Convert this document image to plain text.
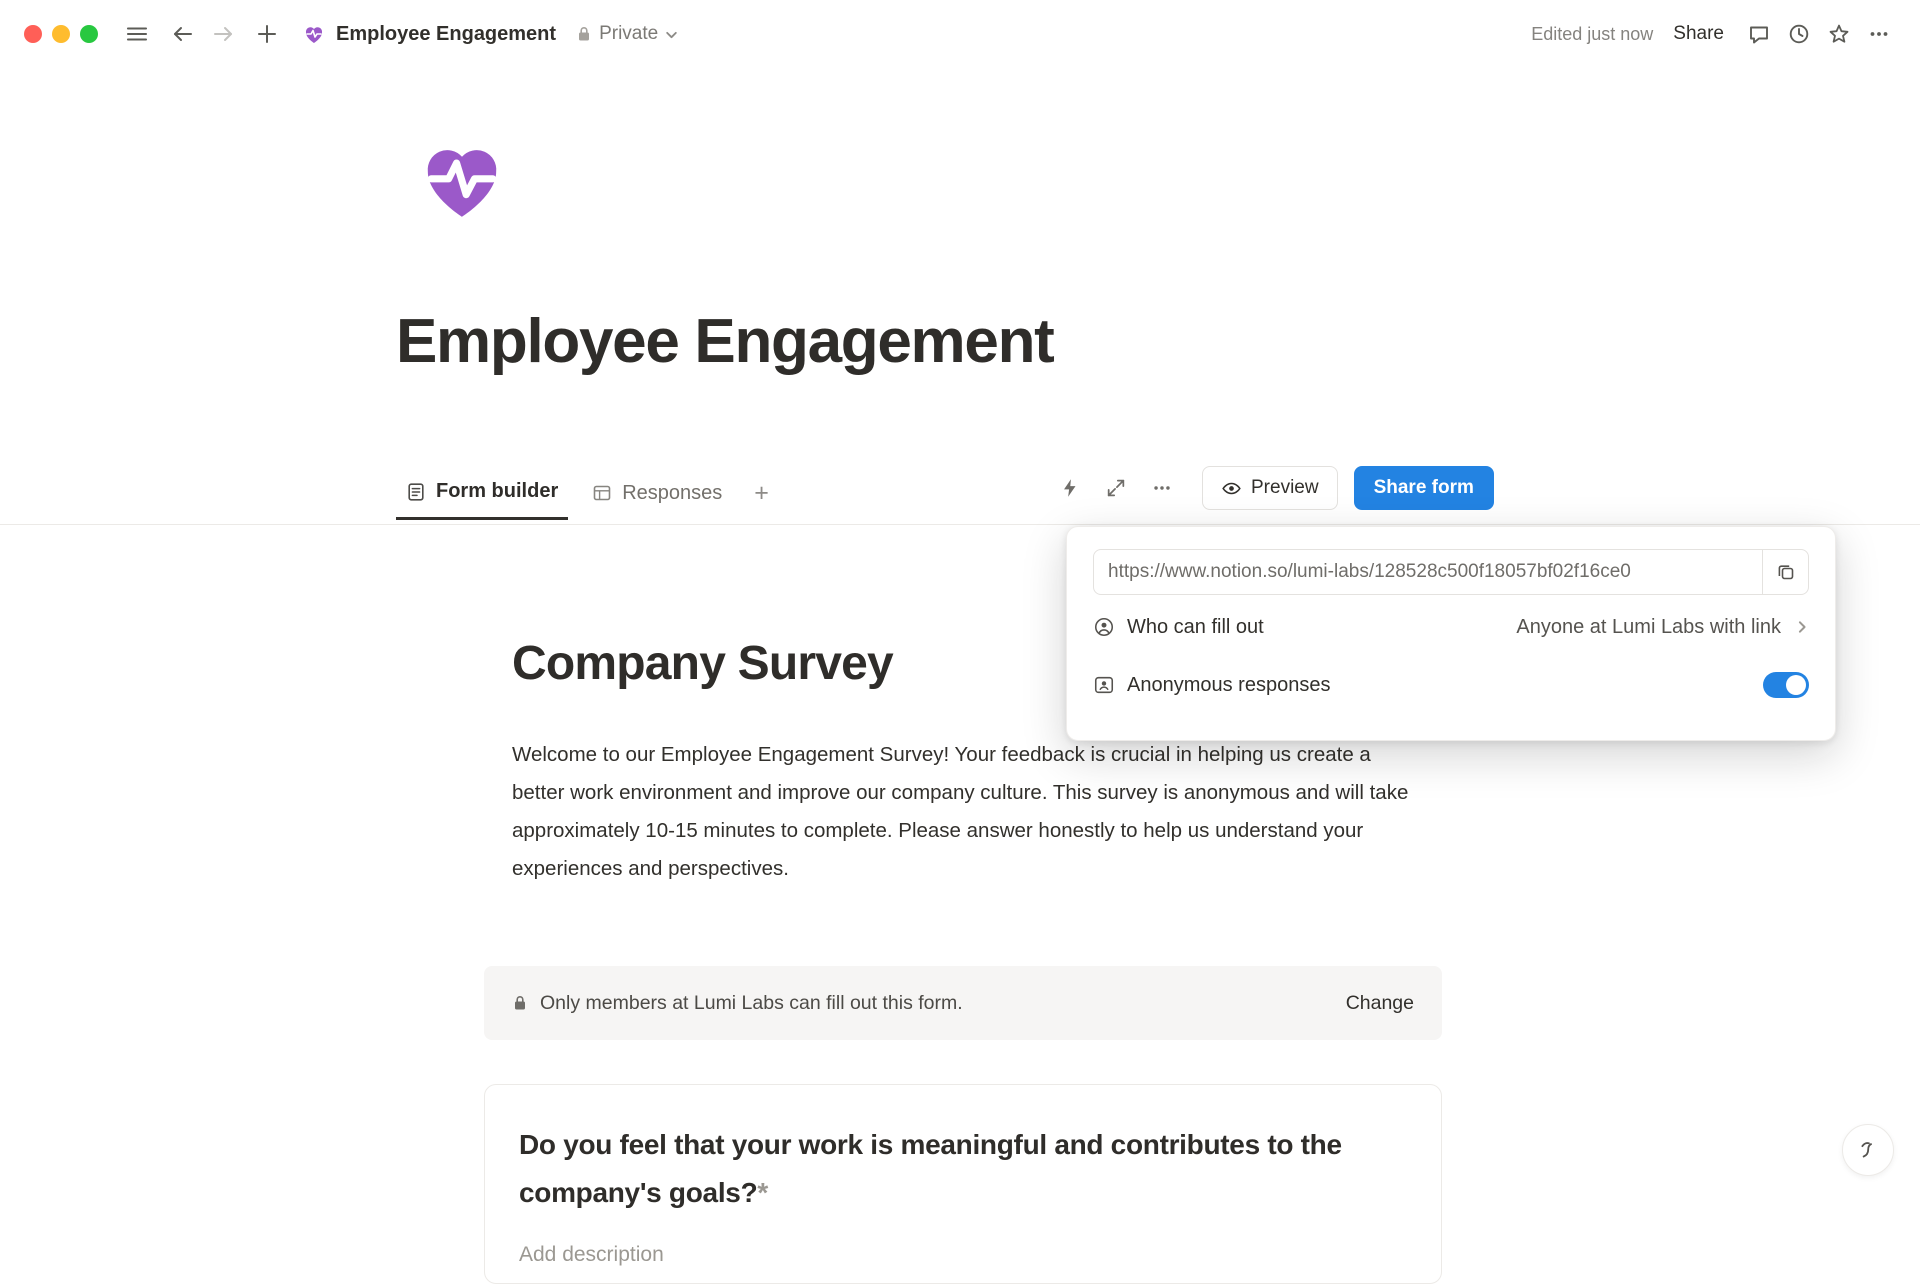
Employee Engagement Private	Edited just now Share
Employee Engagement
Form builder	Responses	+	Preview	Share form
Company Survey
Welcome to our Employee Engagement Survey! Your feedback is crucial in helping us create a better work environment and improve our company culture. This survey is anonymous and will take approximately 10-15 minutes to complete. Please answer honestly to help us understand your experiences and perspectives.
Only members at Lumi Labs can fill out this form.	Change
Do you feel that your work is meaningful and contributes to the company's goals?*
Add description
https://www.notion.so/lumi-labs/128528c500f18057bf02f16ce0
Who can fill out	Anyone at Lumi Labs with link
Anonymous responses
